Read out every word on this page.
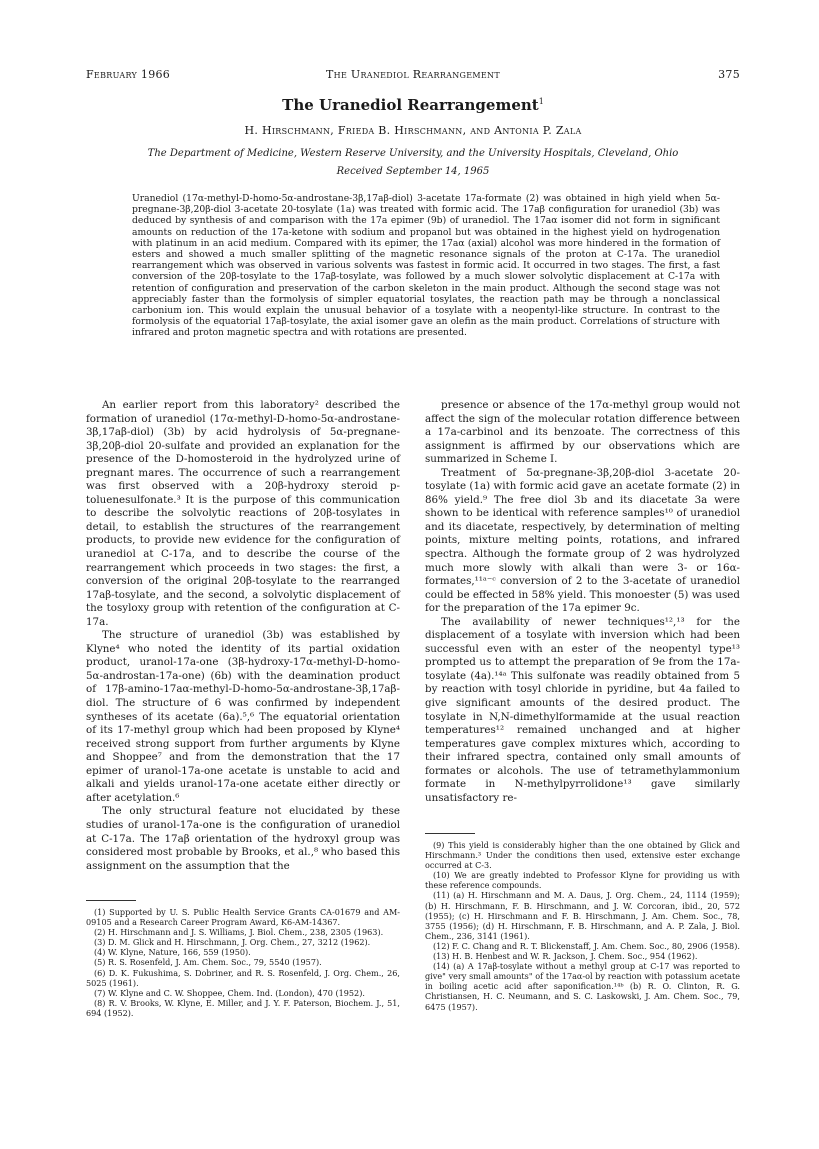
February 1966	The Uranediol Rearrangement	375
The Uranediol Rearrangement$^1$
H. Hirschmann, Frieda B. Hirschmann, and Antonia P. Zala
The Department of Medicine, Western Reserve University, and the University Hospitals, Cleveland, Ohio
Received September 14, 1965
Uranediol (17α-methyl-D-homo-5α-androstane-3β,17aβ-diol) 3-acetate 17a-formate (2) was obtained in high yield when 5α-pregnane-3β,20β-diol 3-acetate 20-tosylate (1a) was treated with formic acid. The 17aβ configuration for uranediol (3b) was deduced by synthesis of and comparison with the 17a epimer (9b) of uranediol. The 17aα isomer did not form in significant amounts on reduction of the 17a-ketone with sodium and propanol but was obtained in the highest yield on hydrogenation with platinum in an acid medium. Compared with its epimer, the 17aα (axial) alcohol was more hindered in the formation of esters and showed a much smaller splitting of the magnetic resonance signals of the proton at C-17a. The uranediol rearrangement which was observed in various solvents was fastest in formic acid. It occurred in two stages. The first, a fast conversion of the 20β-tosylate to the 17aβ-tosylate, was followed by a much slower solvolytic displacement at C-17a with retention of configuration and preservation of the carbon skeleton in the main product. Although the second stage was not appreciably faster than the formolysis of simpler equatorial tosylates, the reaction path may be through a nonclassical carbonium ion. This would explain the unusual behavior of a tosylate with a neopentyl-like structure. In contrast to the formolysis of the equatorial 17aβ-tosylate, the axial isomer gave an olefin as the main product. Correlations of structure with infrared and proton magnetic spectra and with rotations are presented.

An earlier report from this laboratory² described the formation of uranediol (17α-methyl-D-homo-5α-androstane-3β,17aβ-diol) (3b) by acid hydrolysis of 5α-pregnane-3β,20β-diol 20-sulfate and provided an explanation for the presence of the D-homosteroid in the hydrolyzed urine of pregnant mares. The occurrence of such a rearrangement was first observed with a 20β-hydroxy steroid p-toluenesulfonate.³ It is the purpose of this communication to describe the solvolytic reactions of 20β-tosylates in detail, to establish the structures of the rearrangement products, to provide new evidence for the configuration of uranediol at C-17a, and to describe the course of the rearrangement which proceeds in two stages: the first, a conversion of the original 20β-tosylate to the rearranged 17aβ-tosylate, and the second, a solvolytic displacement of the tosyloxy group with retention of the configuration at C-17a.

The structure of uranediol (3b) was established by Klyne⁴ who noted the identity of its partial oxidation product, uranol-17a-one (3β-hydroxy-17α-methyl-D-homo-5α-androstan-17a-one) (6b) with the deamination product of 17β-amino-17aα-methyl-D-homo-5α-androstane-3β,17aβ-diol. The structure of 6 was confirmed by independent syntheses of its acetate (6a).⁵,⁶ The equatorial orientation of its 17-methyl group which had been proposed by Klyne⁴ received strong support from further arguments by Klyne and Shoppee⁷ and from the demonstration that the 17 epimer of uranol-17a-one acetate is unstable to acid and alkali and yields uranol-17a-one acetate either directly or after acetylation.⁶

The only structural feature not elucidated by these studies of uranol-17a-one is the configuration of uranediol at C-17a. The 17aβ orientation of the hydroxyl group was considered most probable by Brooks, et al.,⁸ who based this assignment on the assumption that the

presence or absence of the 17α-methyl group would not affect the sign of the molecular rotation difference between a 17a-carbinol and its benzoate. The correctness of this assignment is affirmed by our observations which are summarized in Scheme I.

Treatment of 5α-pregnane-3β,20β-diol 3-acetate 20-tosylate (1a) with formic acid gave an acetate formate (2) in 86% yield.⁹ The free diol 3b and its diacetate 3a were shown to be identical with reference samples¹⁰ of uranediol and its diacetate, respectively, by determination of melting points, mixture melting points, rotations, and infrared spectra. Although the formate group of 2 was hydrolyzed much more slowly with alkali than were 3- or 16α-formates,¹¹ᵃ⁻ᶜ conversion of 2 to the 3-acetate of uranediol could be effected in 58% yield. This monoester (5) was used for the preparation of the 17a epimer 9c.

The availability of newer techniques¹²,¹³ for the displacement of a tosylate with inversion which had been successful even with an ester of the neopentyl type¹³ prompted us to attempt the preparation of 9e from the 17a-tosylate (4a).¹⁴ᵃ This sulfonate was readily obtained from 5 by reaction with tosyl chloride in pyridine, but 4a failed to give significant amounts of the desired product. The tosylate in N,N-dimethylformamide at the usual reaction temperatures¹² remained unchanged and at higher temperatures gave complex mixtures which, according to their infrared spectra, contained only small amounts of formates or alcohols. The use of tetramethylammonium formate in N-methylpyrrolidone¹³ gave similarly unsatisfactory re-

(1) Supported by U. S. Public Health Service Grants CA-01679 and AM-09105 and a Research Career Program Award, K6-AM-14367.

(2) H. Hirschmann and J. S. Williams, J. Biol. Chem., 238, 2305 (1963).

(3) D. M. Glick and H. Hirschmann, J. Org. Chem., 27, 3212 (1962).

(4) W. Klyne, Nature, 166, 559 (1950).

(5) R. S. Rosenfeld, J. Am. Chem. Soc., 79, 5540 (1957).

(6) D. K. Fukushima, S. Dobriner, and R. S. Rosenfeld, J. Org. Chem., 26, 5025 (1961).

(7) W. Klyne and C. W. Shoppee, Chem. Ind. (London), 470 (1952).

(8) R. V. Brooks, W. Klyne, E. Miller, and J. Y. F. Paterson, Biochem. J., 51, 694 (1952).

(9) This yield is considerably higher than the one obtained by Glick and Hirschmann.³ Under the conditions then used, extensive ester exchange occurred at C-3.

(10) We are greatly indebted to Professor Klyne for providing us with these reference compounds.

(11) (a) H. Hirschmann and M. A. Daus, J. Org. Chem., 24, 1114 (1959); (b) H. Hirschmann, F. B. Hirschmann, and J. W. Corcoran, ibid., 20, 572 (1955); (c) H. Hirschmann and F. B. Hirschmann, J. Am. Chem. Soc., 78, 3755 (1956); (d) H. Hirschmann, F. B. Hirschmann, and A. P. Zala, J. Biol. Chem., 236, 3141 (1961).

(12) F. C. Chang and R. T. Blickenstaff, J. Am. Chem. Soc., 80, 2906 (1958).

(13) H. B. Henbest and W. R. Jackson, J. Chem. Soc., 954 (1962).

(14) (a) A 17aβ-tosylate without a methyl group at C-17 was reported to give" very small amounts" of the 17aα-ol by reaction with potassium acetate in boiling acetic acid after saponification.¹⁴ᵇ (b) R. O. Clinton, R. G. Christiansen, H. C. Neumann, and S. C. Laskowski, J. Am. Chem. Soc., 79, 6475 (1957).
